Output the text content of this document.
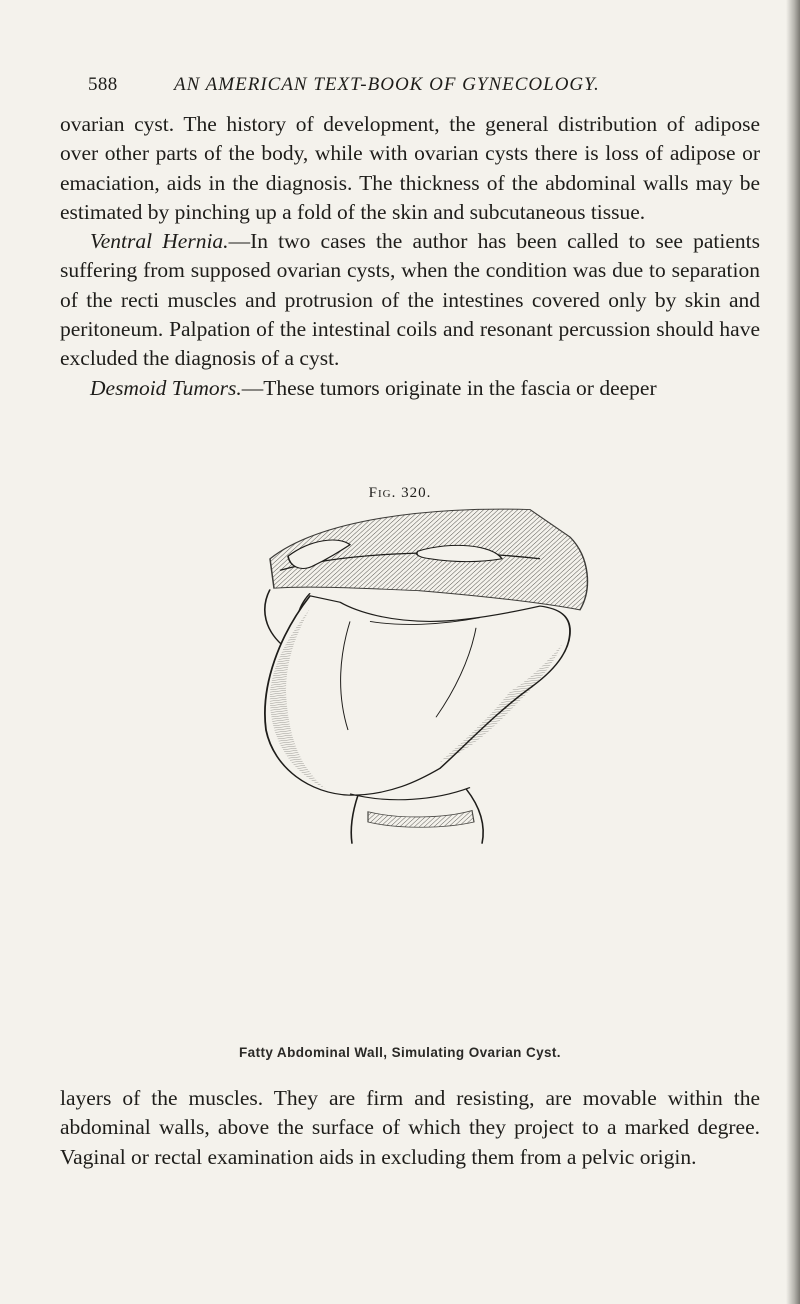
588	AN AMERICAN TEXT-BOOK OF GYNECOLOGY.

ovarian cyst. The history of development, the general distribution of adipose over other parts of the body, while with ovarian cysts there is loss of adipose or emaciation, aids in the diagnosis. The thickness of the abdominal walls may be estimated by pinching up a fold of the skin and subcutaneous tissue.

Ventral Hernia.—In two cases the author has been called to see patients suffering from supposed ovarian cysts, when the condition was due to separation of the recti muscles and protrusion of the intestines covered only by skin and peritoneum. Palpation of the intestinal coils and resonant percussion should have excluded the diagnosis of a cyst.

Desmoid Tumors.—These tumors originate in the fascia or deeper

Fig. 320.
Fatty Abdominal Wall, Simulating Ovarian Cyst.

layers of the muscles. They are firm and resisting, are movable within the abdominal walls, above the surface of which they project to a marked degree. Vaginal or rectal examination aids in excluding them from a pelvic origin.
